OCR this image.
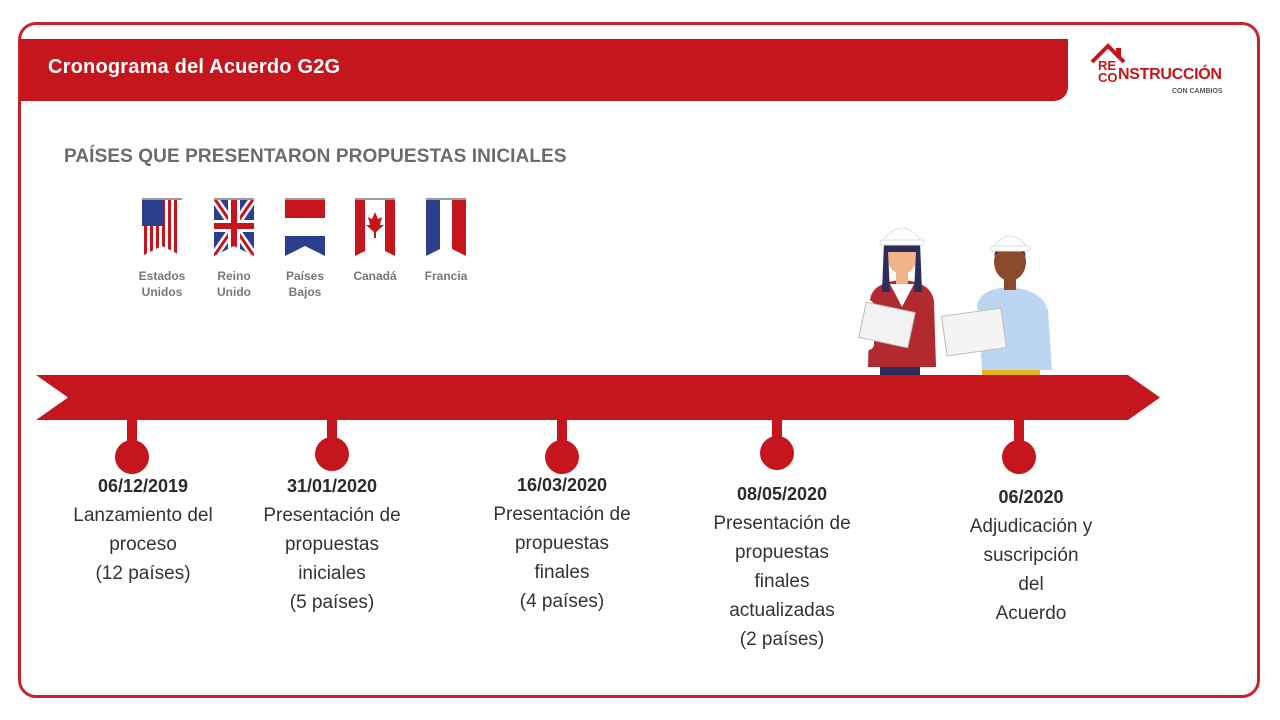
Cronograma del Acuerdo G2G	RE
CO NSTRUCCIÓN
CON CAMBIOS
PAÍSES QUE PRESENTARON PROPUESTAS INICIALES
Estados
Unidos
Reino
Unido
Países
Bajos
Canadá	Francia
06/12/2019
Lanzamiento del
proceso
(12 países)
31/01/2020
Presentación de
propuestas
iniciales
(5 países)
16/03/2020
Presentación de
propuestas
finales
(4 países)
08/05/2020
Presentación de
propuestas
finales
actualizadas
(2 países)
06/2020
Adjudicación y
suscripción
del
Acuerdo
